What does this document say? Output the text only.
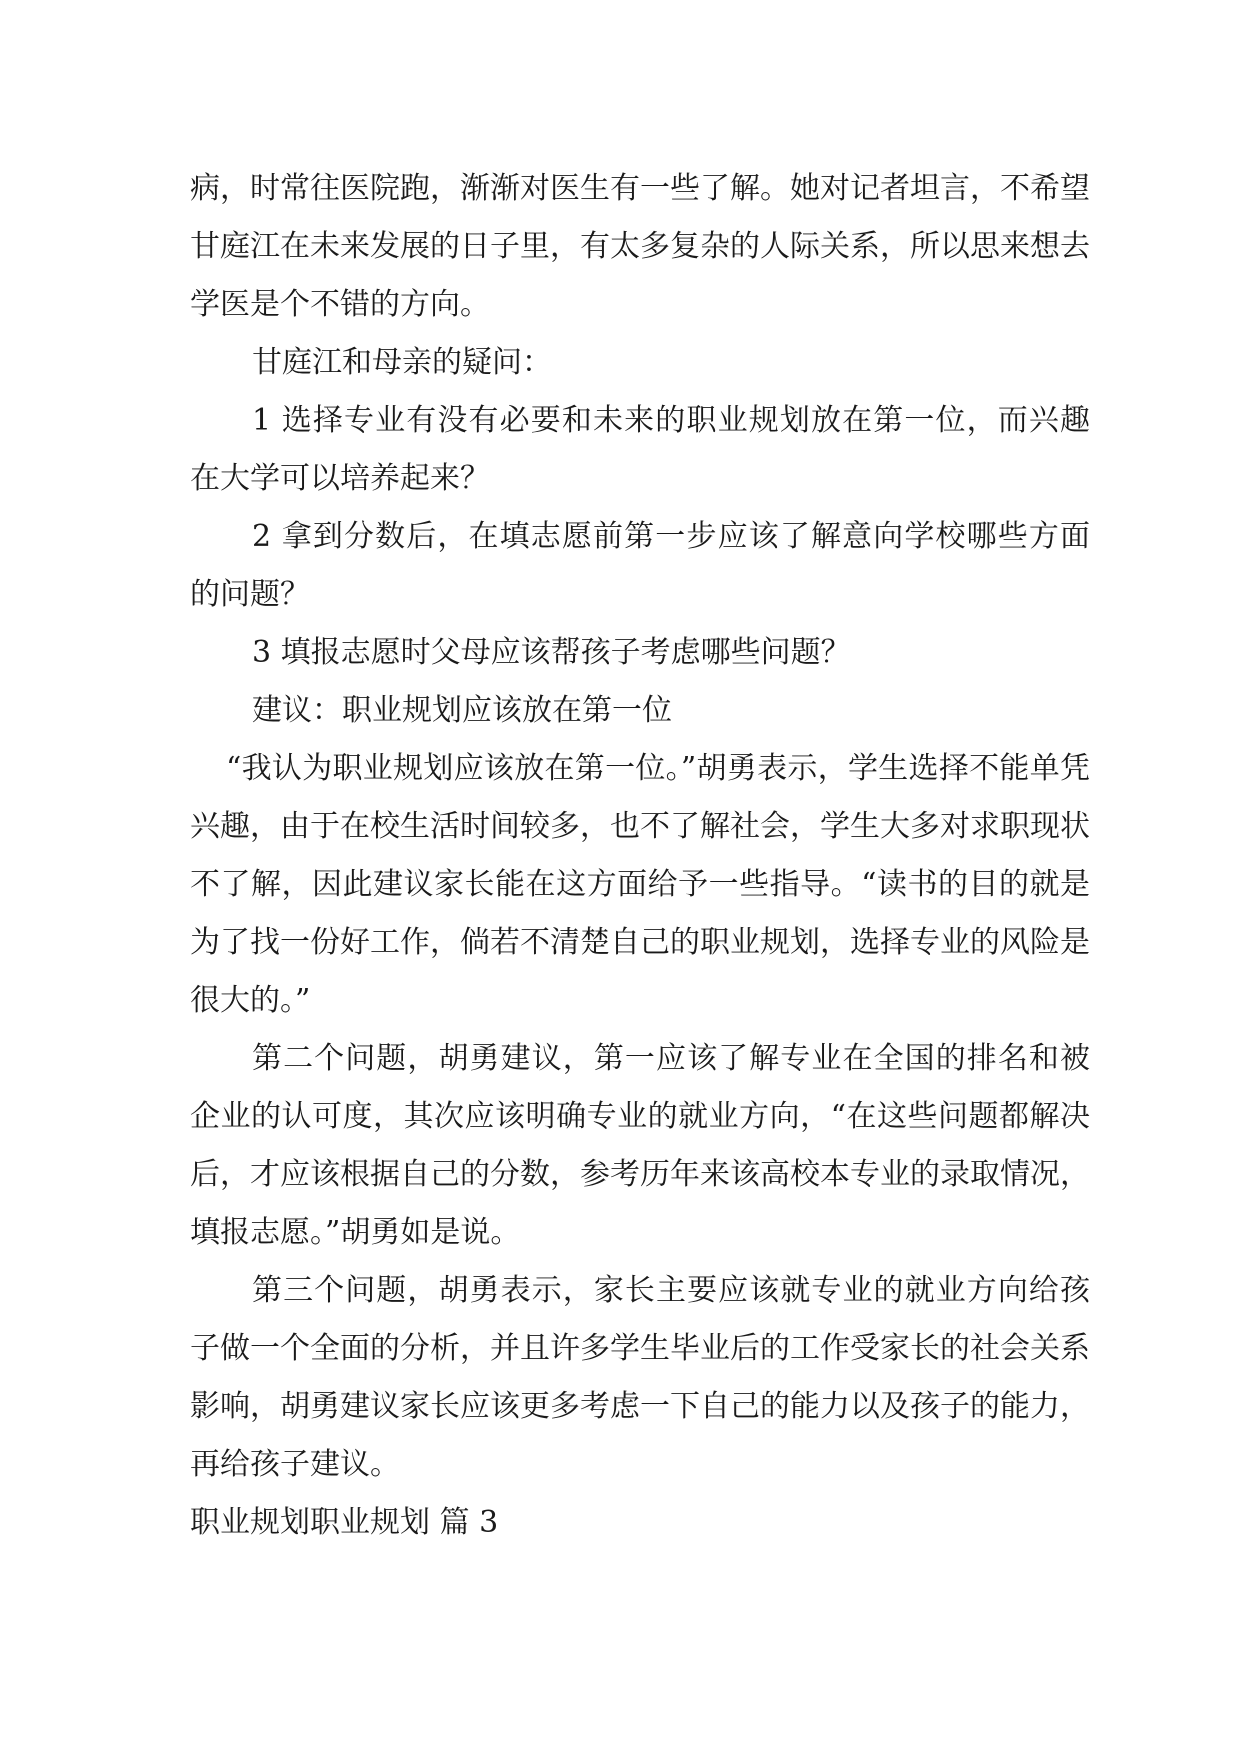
病，时常往医院跑，渐渐对医生有一些了解。她对记者坦言，不希望甘庭江在未来发展的日子里，有太多复杂的人际关系，所以思来想去学医是个不错的方向。

甘庭江和母亲的疑问：

1 选择专业有没有必要和未来的职业规划放在第一位，而兴趣在大学可以培养起来？

2 拿到分数后，在填志愿前第一步应该了解意向学校哪些方面的问题？

3 填报志愿时父母应该帮孩子考虑哪些问题？

建议：职业规划应该放在第一位

“我认为职业规划应该放在第一位。”胡勇表示，学生选择不能单凭兴趣，由于在校生活时间较多，也不了解社会，学生大多对求职现状不了解，因此建议家长能在这方面给予一些指导。“读书的目的就是为了找一份好工作，倘若不清楚自己的职业规划，选择专业的风险是很大的。”

第二个问题，胡勇建议，第一应该了解专业在全国的排名和被企业的认可度，其次应该明确专业的就业方向，“在这些问题都解决后，才应该根据自己的分数，参考历年来该高校本专业的录取情况，填报志愿。”胡勇如是说。

第三个问题，胡勇表示，家长主要应该就专业的就业方向给孩子做一个全面的分析，并且许多学生毕业后的工作受家长的社会关系影响，胡勇建议家长应该更多考虑一下自己的能力以及孩子的能力，再给孩子建议。

职业规划职业规划 篇 3
